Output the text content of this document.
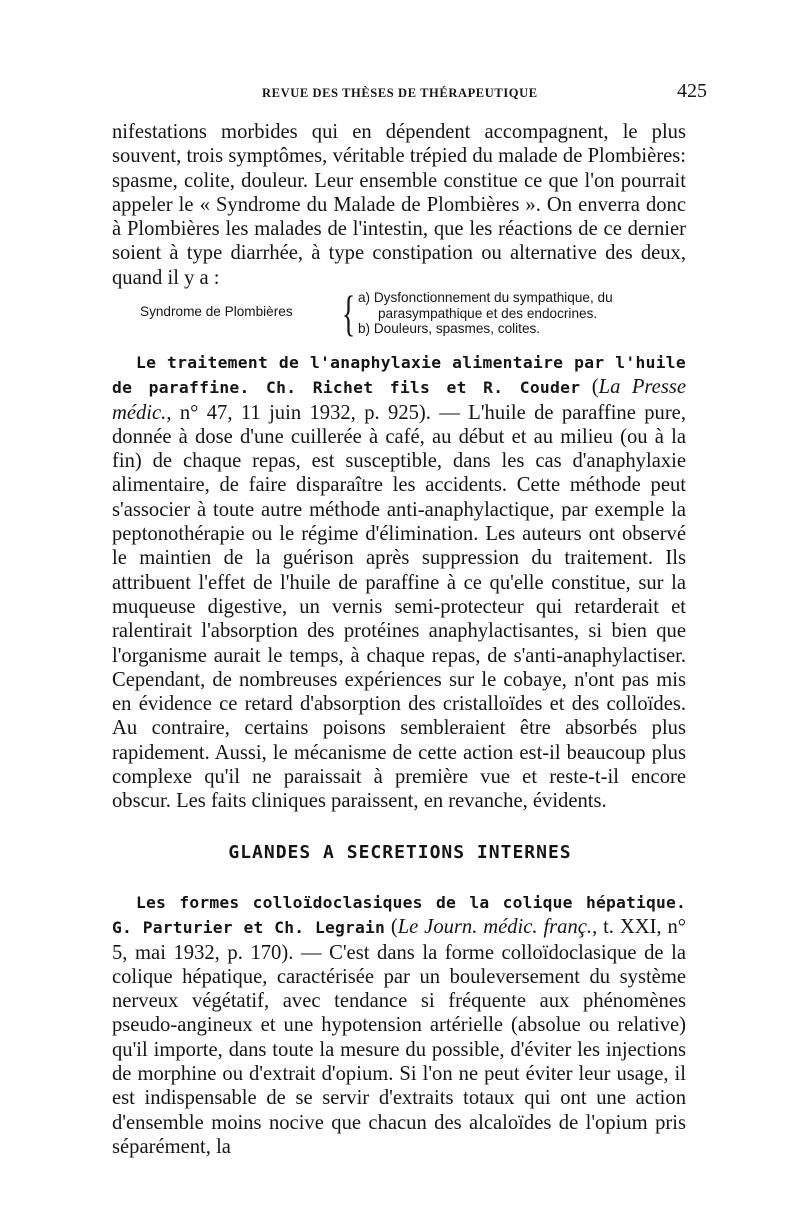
REVUE DES THÈSES DE THÉRAPEUTIQUE	425

nifestations morbides qui en dépendent accompagnent, le plus souvent, trois symptômes, véritable trépied du malade de Plombières: spasme, colite, douleur. Leur ensemble constitue ce que l'on pourrait appeler le « Syndrome du Malade de Plombières ». On enverra donc à Plombières les malades de l'intestin, que les réactions de ce dernier soient à type diarrhée, à type constipation ou alternative des deux, quand il y a :

Syndrome de Plombières { a) Dysfonctionnement du sympathique, du
parasympathique et des endocrines.
b) Douleurs, spasmes, colites.

Le traitement de l'anaphylaxie alimentaire par l'huile de paraffine. Ch. Richet fils et R. Couder (La Presse médic., n° 47, 11 juin 1932, p. 925). — L'huile de paraffine pure, donnée à dose d'une cuillerée à café, au début et au milieu (ou à la fin) de chaque repas, est susceptible, dans les cas d'anaphylaxie alimentaire, de faire disparaître les accidents. Cette méthode peut s'associer à toute autre méthode anti-anaphylactique, par exemple la peptonothérapie ou le régime d'élimination. Les auteurs ont observé le maintien de la guérison après suppression du traitement. Ils attribuent l'effet de l'huile de paraffine à ce qu'elle constitue, sur la muqueuse digestive, un vernis semi-protecteur qui retarderait et ralentirait l'absorption des protéines anaphylactisantes, si bien que l'organisme aurait le temps, à chaque repas, de s'anti-anaphylactiser. Cependant, de nombreuses expériences sur le cobaye, n'ont pas mis en évidence ce retard d'absorption des cristalloïdes et des colloïdes. Au contraire, certains poisons sembleraient être absorbés plus rapidement. Aussi, le mécanisme de cette action est-il beaucoup plus complexe qu'il ne paraissait à première vue et reste-t-il encore obscur. Les faits cliniques paraissent, en revanche, évidents.

GLANDES A SECRETIONS INTERNES

Les formes colloïdoclasiques de la colique hépatique. G. Parturier et Ch. Legrain (Le Journ. médic. franç., t. XXI, n° 5, mai 1932, p. 170). — C'est dans la forme colloïdoclasique de la colique hépatique, caractérisée par un bouleversement du système nerveux végétatif, avec tendance si fréquente aux phénomènes pseudo-angineux et une hypotension artérielle (absolue ou relative) qu'il importe, dans toute la mesure du possible, d'éviter les injections de morphine ou d'extrait d'opium. Si l'on ne peut éviter leur usage, il est indispensable de se servir d'extraits totaux qui ont une action d'ensemble moins nocive que chacun des alcaloïdes de l'opium pris séparément, la
